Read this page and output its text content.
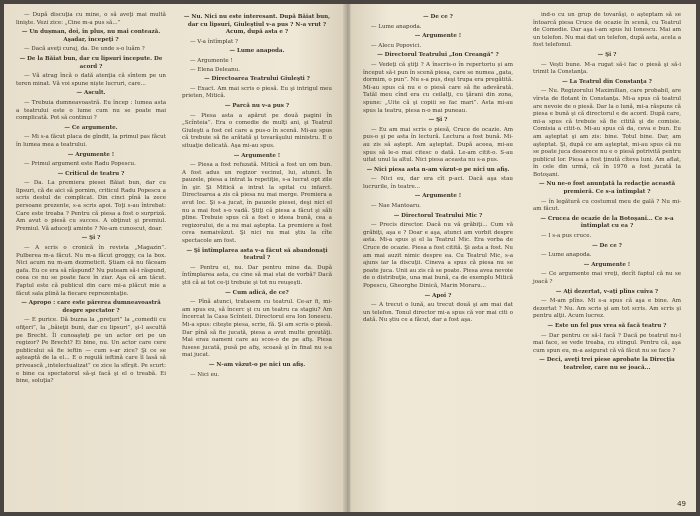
— După discuţia cu mine, o să aveţi mai multă linişte. Vezi zice: „Cine m-a pus să...”

— Un dușman, doi, în plus, nu mai contează. Aşadar, începeţi ?

— Dacă aveţi curaj, da. De unde s-o luăm ?

— De la Băiat bun, dar cu lipsuri începute. De acord ?

— Vă atrag încă o dată atenţia că sîntem pe un teren minat. Vă voi spune niște lucruri, care...

— Ascult.

— Trebuia dumneavoastră. Eu încep : lumea asta a teatrului este o lume cum nu se poate mai complicată. Pot să continui ?

— Ce argumente.

— Mi s-a făcut placa de gîndit, la primul pas făcut în lumea mea a teatrului.

— Argumente !

— Primul argument este Radu Popescu.

— Criticul de teatru ?

— Da. La premiera piesei Băiat bun, dar cu lipsuri, că de aici să pornim, criticul Radu Popescu a scris destul de complicat. Din cinci pînă la zece persoane prezente, s-a scris apoi. Toţi s-au întrebat: Care este treaba ? Pentru că piesa a fost o surpriză. Am avut o piesă cu succes. A obţinut şi premiul. Premiul. Vă aduceţi aminte ? Ne-am cunoscut, doar.

— Şi ?

— A scris o cronică în revista „Magazin”. Pulberea m-a făcut. Nu m-a făcut groggy, ca la box. Nici acum nu m-am dezmeticit. Ştiam că nu făceam gafa. Eu ce era să răspund? Nu puteam să-i răspund, ceea ce nu se poate face în ziar. Aşa că am tăcut. Faptul este că publicul din care mi-a plăcut mie a făcut sala plină la fiecare reprezentaţie.

— Apropo : care este părerea dumneavoastră despre spectator ?

— E purice. Dă buzna la „preţuri” la „comedii cu ofiţeri”, la „băieţii buni, dar cu lipsuri”, şi-l ascultă pe Brecht. Îl cunoaşteţi pe un actor ori pe un regizor? Pe Brecht? Ei bine, nu. Un actor care cere publicului să fie ieftin — cum s-ar zice? Şi ce se aşteaptă de la el... E o regulă ieftină care îl lasă să privească „intelectualizat” ce zice la sfîrşit. Pe scurt: e bine ca spectatorul să-şi facă şi el o treabă. Ei bine, soluţia?

— Nu. Nici nu este interesant. După Băiat bun, dar cu lipsuri, Giuleştiul v-a pus ? N-a vrut ? Acum, după asta e ?

— V-a întîmplat ?

— Lume anapoda.

— Argumente !

— Elena Deleanu.

— Directoarea Teatrului Giuleşti ?

— Exact. Am mai scris o piesă. Eu şi intrigul meu prieten, Mitică.

— Parcă nu v-a pus ?

— Piesa asta a apărut pe două pagini în „Scînteia”. Era o comedie de mulţi ani, şi Teatrul Giuleşti a fost cel care a pus-o în scenă. Mi-au spus că trebuie să fie arătată şi tovarăşului ministru. E o situaţie delicată. Aşa mi-au spus.

— Argumente !

— Piesa a fost refuzată. Mitică a fost un om bun. A fost adus un regizor vecinul, lui, atunci. În pauzele, piesa a intrat la repetiţie, s-a lucrat opt zile în şir. Şi Mitică a intrat la spital cu infarct. Directoarea a zis că piesa nu mai merge. Premiera a avut loc. Şi s-a jucat, în pauzele piesei, deşi nici el nu a mai fost s-o vadă. Ştiţi că piesa a făcut şi săli pline. Trebuie spus că a fost o ideea bună, cea a regizorului, de a nu mai aştepta. La premiere a fost ceva nemaivăzut. Şi nici nu mai ştiu la cîte spectacole am fost.

— Şi întîmplarea asta v-a făcut să abandonaţi teatrul ?

— Pentru ei, nu. Dar pentru mine da. După întîmplarea asta, cu cine să mai stai de vorbă? Dacă ştii că ai tot ce-ţi trebuie şi tot nu reuşeşti.

— Cum adică, de ce?

— Pînă atunci, tratasem cu teatrul. Ce-ar fi, mi-am spus eu, să încerc şi cu un teatru ca stagiu? Am încercat la Casa Scînteii. Directorul era Ion Ionescu. Mi-a spus: citeşte piesa, scrie, fă. Şi am scris o piesă. Dar pînă să fie jucată, piesa a avut multe greutăţi. Mai erau oameni care au scos-o de pe afiş. Piesa fusese jucată, pusă pe afiş, scoasă şi în final nu s-a mai jucat.

— N-am văzut-o pe nici un afiş.

— Nici eu.

— De ce ?

— Lume anapoda.

— Argumente !

— Alecu Popovici.

— Directorul Teatrului „Ion Creangă” ?

— Vedeţi că ştiţi ? A înscris-o în repertoriu și am început să-i pun în scenă piesa, care se numea „gata, dormim, o pun”. Nu s-a pus, deşi trupa era pregătită. Mi-au spus că nu e o piesă care să fie adevărată. Tatăl meu cînd era cu ceilalţi, cu ţărani din zona, spune: „Uite că şi copiii se fac mari”. Asta mi-au spus la teatru, piesa n-o mai puneau.

— Şi ?

— Eu am mai scris o piesă, Cruce de ocazie. Am pus-o şi pe asta în lectură. Lectura a fost bună. Mi-au zis să aştept. Am aşteptat. După aceea, mi-au spus să le-o mai citesc o dată. Le-am citit-o. S-au uitat unul la altul. Nici piesa aceasta nu s-a pus.

— Nici piesa asta n-am văzut-o pe nici un afiş.

— Nici eu, dar era cît p-aci. Dacă aşa stau lucrurile, în teatre...

— Argumente !

— Nae Mantoaru.

— Directorul Teatrului Mic ?

— Precis director. Dacă nu vă grăbiţi... Cum vă grăbiţi, aşa e ? Doar e aşa, atunci am vorbit despre asta. Mi-a spus şi el la Teatrul Mic. Era vorba de Cruce de ocazie. Piesa a fost citită. Şi asta a fost. Nu am mai auzit nimic despre ea. Cu Teatrul Mic, s-a ajuns iar la discuţii. Cineva a spus că piesa nu se poate juca. Unii au zis că se poate. Piesa avea nevoie de o distribuţie, una mai bună, ca de exemplu Mitică Popescu, Gheorghe Dinică, Marin Moraru...

— Apoi ?

— A trecut o lună, au trecut două şi am mai dat un telefon. Tonul director mi-a spus că vor mai citi o dată. Nu ştiu ce a făcut, dar a fost aşa.

ind-o cu un grup de tovarăşi, o aşteptam să se întoarcă piesa Cruce de ocazie în scenă, cu Teatrul de Comedie. Dar aşa i-am spus lui Ionescu. Mai am un telefon. Nu mai dat un telefon, după asta, acela a fost telefonul.

— Şi ?

— Vești bune. M-a rugat să-i fac o piesă şi să-i trimit la Constanţa.

— La Teatrul din Constanţa ?

— Nu. Regizorului Maximilian, care probabil, are vîrsta de flotant în Constanţa. Mi-a spus că teatrul are nevoie de o piesă. Dar la o lună, mi-a răspuns că piesa e bună şi că directorul e de acord. După care, mi-a spus că trebuie să fie citită şi de comisie. Comisia a citit-o. Mi-au spus că da, ceva e bun. Eu am aşteptat şi am zis: bine. Totul bine. Dar, am aşteptat. Şi, după ce am aşteptat, mi-au spus că nu se poate juca deoarece nu e o piesă potrivită pentru publicul lor. Piesa a fost ţinută cîteva luni. Am aflat, în cele din urmă, că în 1976 a fost jucată la Botoşani.

— Nu ne-o fost anunţată la redacţie această premieră. Ce s-a întîmplat ?

— în legătură cu costumul meu de gală ? Nu mi-am făcut.

— Crucea de ocazie de la Botoşani... Ce s-a întîmplat cu ea ?

— I s-a pus cruce.

— De ce ?

— Lume anapoda.

— Argumente !

— Ce argumente mai vreţi, decît faptul că nu se joacă ?

— Aţi dezertat, v-aţi plîns cuiva ?

— M-am plîns. Mi s-a spus că aşa e bine. Am dezertat ? Nu. Am scris şi am tot scris. Am scris şi pentru alţii. Acum lucrez.

— Este un fel pus vrea să facă teatru ?

— Dar pentru ce să-l facă ? Dacă pe teatrul nu-l mai face, se vede treaba, cu stingul. Pentru că, aşa cum spun eu, m-a asigurat că vă făcut nu se face ?

— Deci, aveţi trei piese aprobate la Direcţia teatrelor, care nu se joacă...

49
